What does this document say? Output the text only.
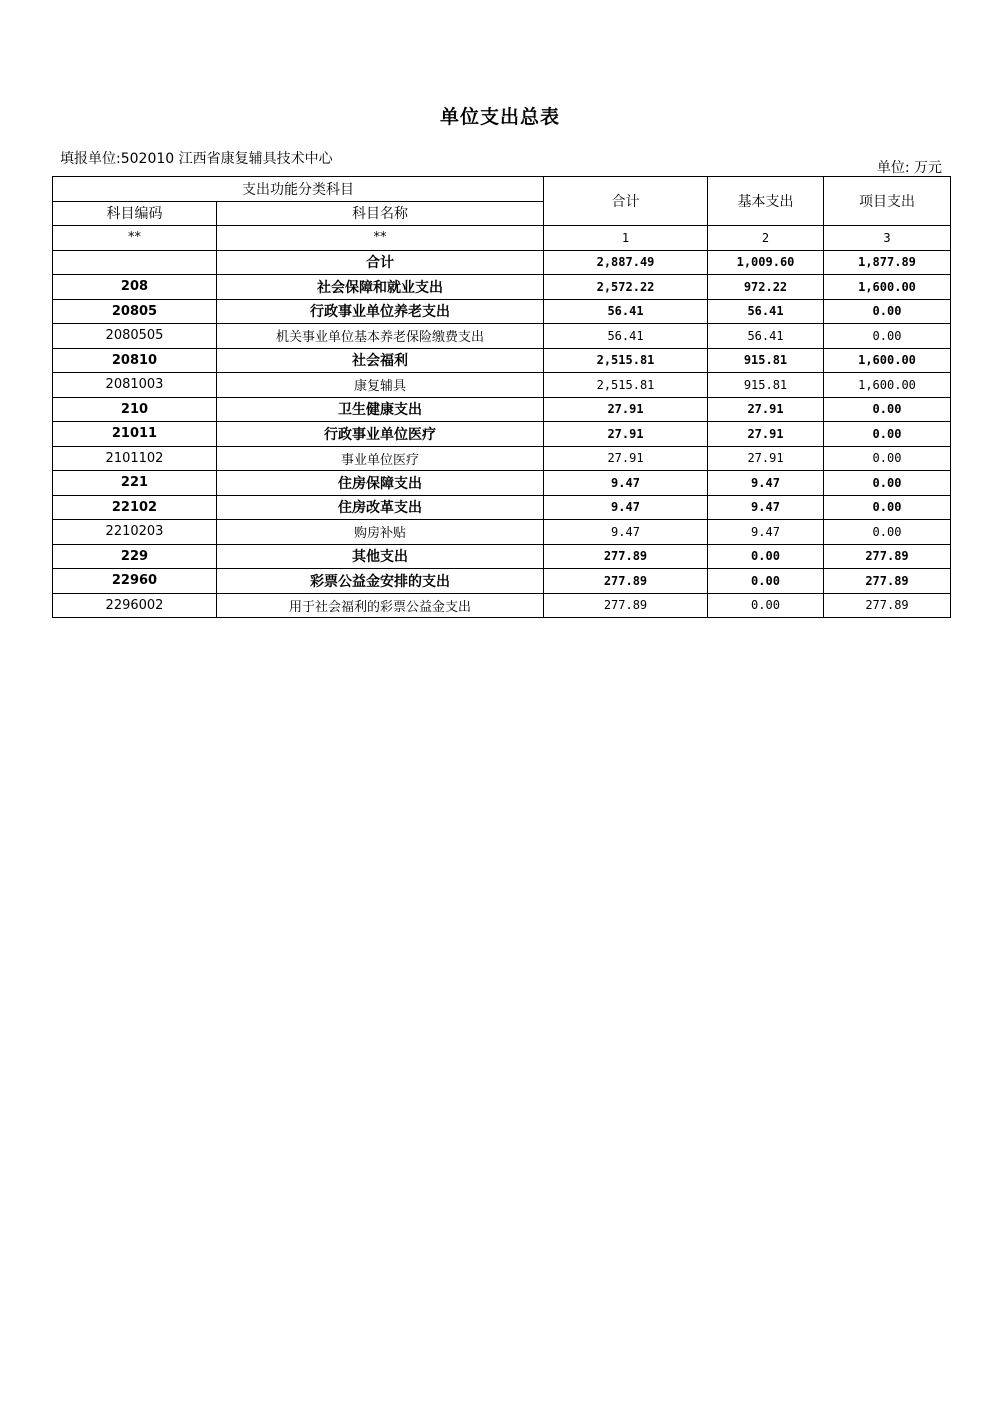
单位支出总表
填报单位:502010 江西省康复辅具技术中心
单位: 万元
支出功能分类科目		合计	基本支出	项目支出
科目编码	科目名称			
**	**	1	2	3
	合计	2,887.49	1,009.60	1,877.89
208	社会保障和就业支出	2,572.22	972.22	1,600.00
20805	行政事业单位养老支出	56.41	56.41	0.00
2080505	机关事业单位基本养老保险缴费支出	56.41	56.41	0.00
20810	社会福利	2,515.81	915.81	1,600.00
2081003	康复辅具	2,515.81	915.81	1,600.00
210	卫生健康支出	27.91	27.91	0.00
21011	行政事业单位医疗	27.91	27.91	0.00
2101102	事业单位医疗	27.91	27.91	0.00
221	住房保障支出	9.47	9.47	0.00
22102	住房改革支出	9.47	9.47	0.00
2210203	购房补贴	9.47	9.47	0.00
229	其他支出	277.89	0.00	277.89
22960	彩票公益金安排的支出	277.89	0.00	277.89
2296002	用于社会福利的彩票公益金支出	277.89	0.00	277.89
